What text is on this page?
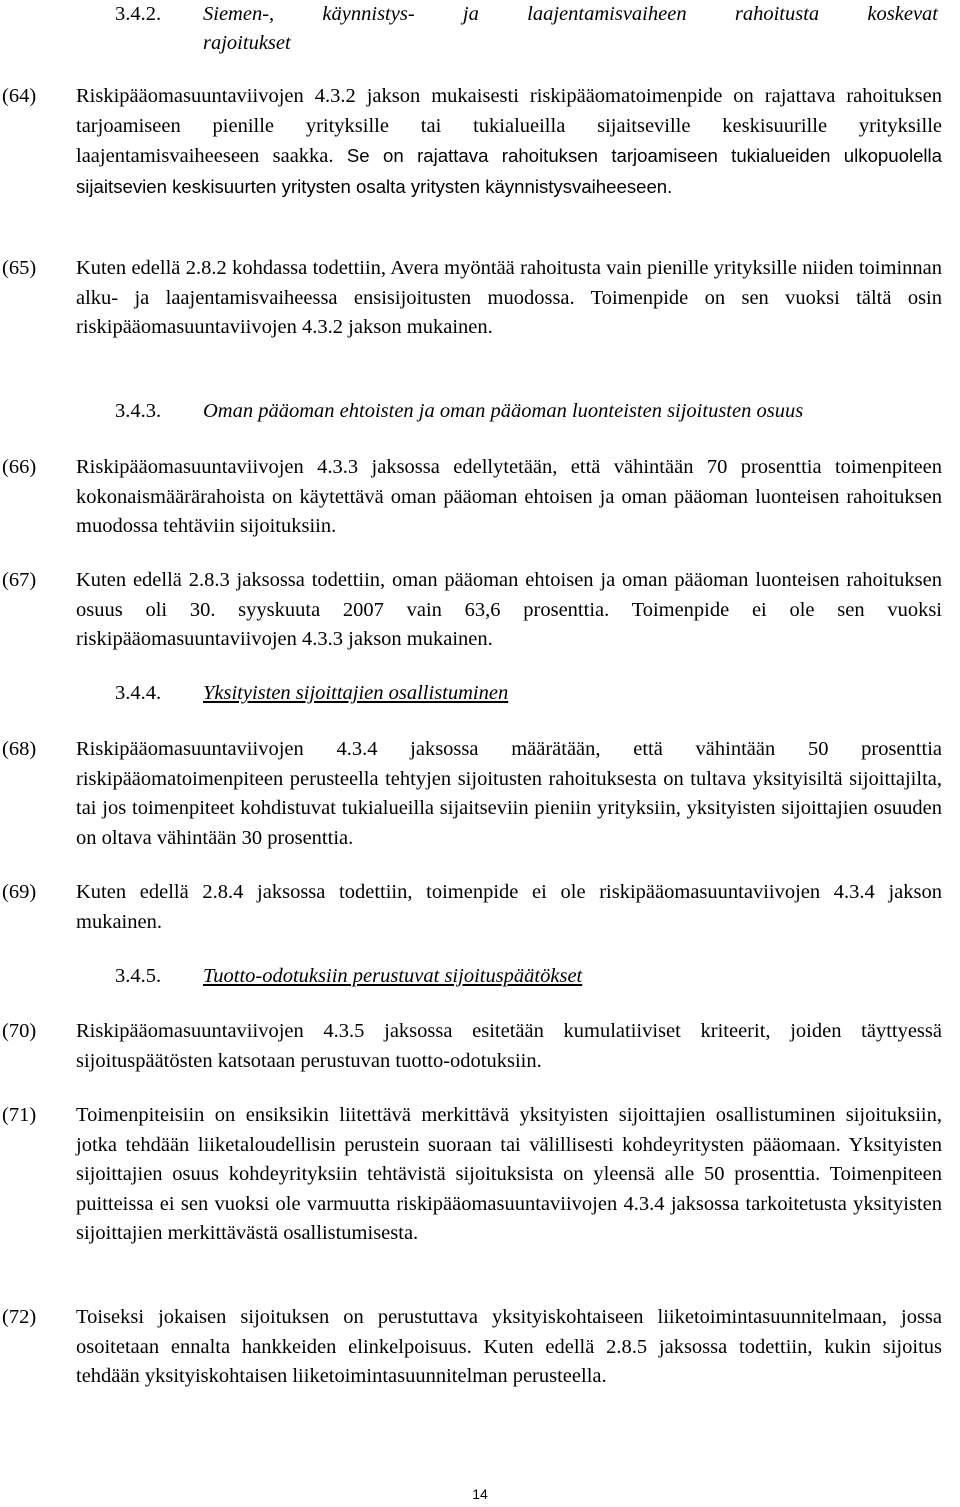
3.4.2. Siemen-, käynnistys- ja laajentamisvaiheen rahoitusta koskevat
rajoitukset
(64) Riskipääomasuuntaviivojen 4.3.2 jakson mukaisesti riskipääomatoimenpide on rajattava rahoituksen tarjoamiseen pienille yrityksille tai tukialueilla sijaitseville keskisuurille yrityksille laajentamisvaiheeseen saakka. Se on rajattava rahoituksen tarjoamiseen tukialueiden ulkopuolella sijaitsevien keskisuurten yritysten osalta yritysten käynnistysvaiheeseen.
(65) Kuten edellä 2.8.2 kohdassa todettiin, Avera myöntää rahoitusta vain pienille yrityksille niiden toiminnan alku- ja laajentamisvaiheessa ensisijoitusten muodossa. Toimenpide on sen vuoksi tältä osin riskipääomasuuntaviivojen 4.3.2 jakson mukainen.
3.4.3. Oman pääoman ehtoisten ja oman pääoman luonteisten sijoitusten osuus
(66) Riskipääomasuuntaviivojen 4.3.3 jaksossa edellytetään, että vähintään 70 prosenttia toimenpiteen kokonaismäärärahoista on käytettävä oman pääoman ehtoisen ja oman pääoman luonteisen rahoituksen muodossa tehtäviin sijoituksiin.
(67) Kuten edellä 2.8.3 jaksossa todettiin, oman pääoman ehtoisen ja oman pääoman luonteisen rahoituksen osuus oli 30. syyskuuta 2007 vain 63,6 prosenttia. Toimenpide ei ole sen vuoksi riskipääomasuuntaviivojen 4.3.3 jakson mukainen.
3.4.4. Yksityisten sijoittajien osallistuminen
(68) Riskipääomasuuntaviivojen 4.3.4 jaksossa määrätään, että vähintään 50 prosenttia riskipääomatoimenpiteen perusteella tehtyjen sijoitusten rahoituksesta on tultava yksityisiltä sijoittajilta, tai jos toimenpiteet kohdistuvat tukialueilla sijaitseviin pieniin yrityksiin, yksityisten sijoittajien osuuden on oltava vähintään 30 prosenttia.
(69) Kuten edellä 2.8.4 jaksossa todettiin, toimenpide ei ole riskipääomasuuntaviivojen 4.3.4 jakson mukainen.
3.4.5. Tuotto-odotuksiin perustuvat sijoituspäätökset
(70) Riskipääomasuuntaviivojen 4.3.5 jaksossa esitetään kumulatiiviset kriteerit, joiden täyttyessä sijoituspäätösten katsotaan perustuvan tuotto-odotuksiin.
(71) Toimenpiteisiin on ensiksikin liitettävä merkittävä yksityisten sijoittajien osallistuminen sijoituksiin, jotka tehdään liiketaloudellisin perustein suoraan tai välillisesti kohdeyritysten pääomaan. Yksityisten sijoittajien osuus kohdeyrityksiin tehtävistä sijoituksista on yleensä alle 50 prosenttia. Toimenpiteen puitteissa ei sen vuoksi ole varmuutta riskipääomasuuntaviivojen 4.3.4 jaksossa tarkoitetusta yksityisten sijoittajien merkittävästä osallistumisesta.
(72) Toiseksi jokaisen sijoituksen on perustuttava yksityiskohtaiseen liiketoimintasuunnitelmaan, jossa osoitetaan ennalta hankkeiden elinkelpoisuus. Kuten edellä 2.8.5 jaksossa todettiin, kukin sijoitus tehdään yksityiskohtaisen liiketoimintasuunnitelman perusteella.
14
